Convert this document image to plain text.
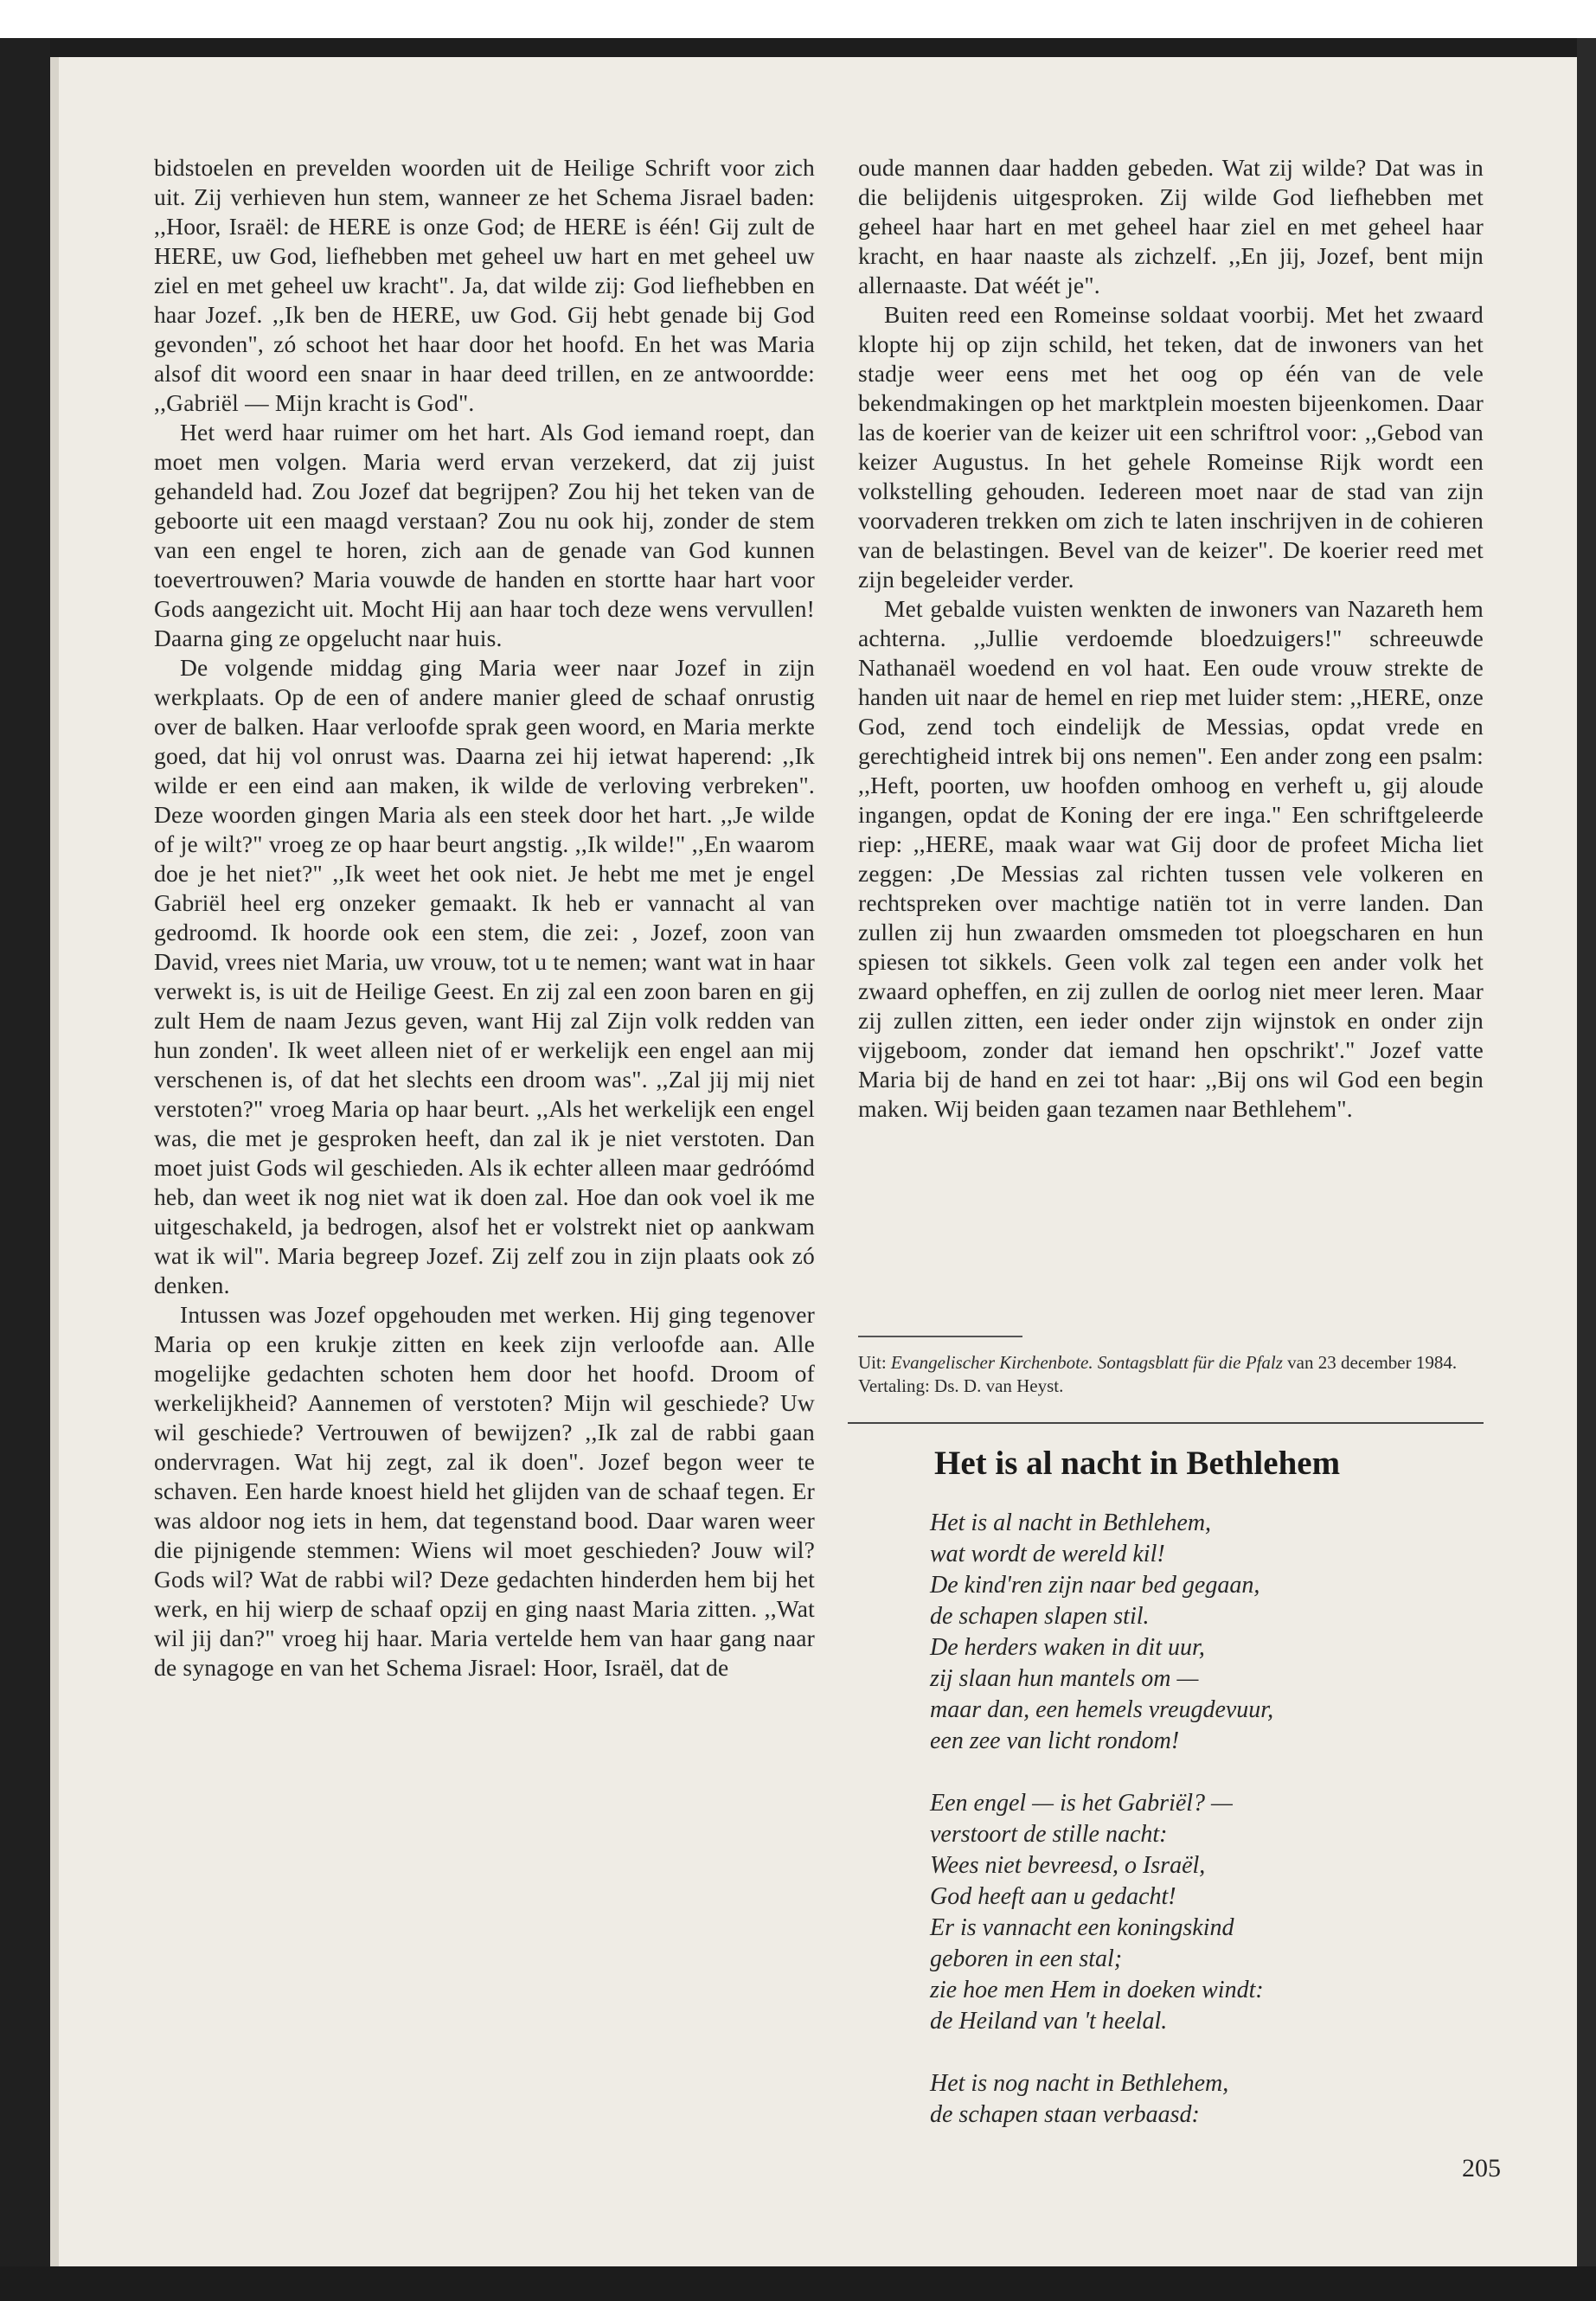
bidstoelen en prevelden woorden uit de Heilige Schrift voor zich uit. Zij verhieven hun stem, wanneer ze het Schema Jisrael baden: ,,Hoor, Israël: de HERE is onze God; de HERE is één! Gij zult de HERE, uw God, liefhebben met geheel uw hart en met geheel uw ziel en met geheel uw kracht". Ja, dat wilde zij: God liefhebben en haar Jozef. ,,Ik ben de HERE, uw God. Gij hebt genade bij God gevonden", zó schoot het haar door het hoofd. En het was Maria alsof dit woord een snaar in haar deed trillen, en ze antwoordde: ,,Gabriël — Mijn kracht is God".

Het werd haar ruimer om het hart. Als God iemand roept, dan moet men volgen. Maria werd ervan verzekerd, dat zij juist gehandeld had. Zou Jozef dat begrijpen? Zou hij het teken van de geboorte uit een maagd verstaan? Zou nu ook hij, zonder de stem van een engel te horen, zich aan de genade van God kunnen toevertrouwen? Maria vouwde de handen en stortte haar hart voor Gods aangezicht uit. Mocht Hij aan haar toch deze wens vervullen! Daarna ging ze opgelucht naar huis.

De volgende middag ging Maria weer naar Jozef in zijn werkplaats. Op de een of andere manier gleed de schaaf onrustig over de balken. Haar verloofde sprak geen woord, en Maria merkte goed, dat hij vol onrust was. Daarna zei hij ietwat haperend: ,,Ik wilde er een eind aan maken, ik wilde de verloving verbreken". Deze woorden gingen Maria als een steek door het hart. ,,Je wilde of je wilt?" vroeg ze op haar beurt angstig. ,,Ik wilde!" ,,En waarom doe je het niet?" ,,Ik weet het ook niet. Je hebt me met je engel Gabriël heel erg onzeker gemaakt. Ik heb er vannacht al van gedroomd. Ik hoorde ook een stem, die zei: , Jozef, zoon van David, vrees niet Maria, uw vrouw, tot u te nemen; want wat in haar verwekt is, is uit de Heilige Geest. En zij zal een zoon baren en gij zult Hem de naam Jezus geven, want Hij zal Zijn volk redden van hun zonden'. Ik weet alleen niet of er werkelijk een engel aan mij verschenen is, of dat het slechts een droom was". ,,Zal jij mij niet verstoten?" vroeg Maria op haar beurt. ,,Als het werkelijk een engel was, die met je gesproken heeft, dan zal ik je niet verstoten. Dan moet juist Gods wil geschieden. Als ik echter alleen maar gedróómd heb, dan weet ik nog niet wat ik doen zal. Hoe dan ook voel ik me uitgeschakeld, ja bedrogen, alsof het er volstrekt niet op aankwam wat ik wil". Maria begreep Jozef. Zij zelf zou in zijn plaats ook zó denken.

Intussen was Jozef opgehouden met werken. Hij ging tegenover Maria op een krukje zitten en keek zijn verloofde aan. Alle mogelijke gedachten schoten hem door het hoofd. Droom of werkelijkheid? Aannemen of verstoten? Mijn wil geschiede? Uw wil geschiede? Vertrouwen of bewijzen? ,,Ik zal de rabbi gaan ondervragen. Wat hij zegt, zal ik doen". Jozef begon weer te schaven. Een harde knoest hield het glijden van de schaaf tegen. Er was aldoor nog iets in hem, dat tegenstand bood. Daar waren weer die pijnigende stemmen: Wiens wil moet geschieden? Jouw wil? Gods wil? Wat de rabbi wil? Deze gedachten hinderden hem bij het werk, en hij wierp de schaaf opzij en ging naast Maria zitten. ,,Wat wil jij dan?" vroeg hij haar. Maria vertelde hem van haar gang naar de synagoge en van het Schema Jisrael: Hoor, Israël, dat de

oude mannen daar hadden gebeden. Wat zij wilde? Dat was in die belijdenis uitgesproken. Zij wilde God liefhebben met geheel haar hart en met geheel haar ziel en met geheel haar kracht, en haar naaste als zichzelf. ,,En jij, Jozef, bent mijn allernaaste. Dat wéét je".

Buiten reed een Romeinse soldaat voorbij. Met het zwaard klopte hij op zijn schild, het teken, dat de inwoners van het stadje weer eens met het oog op één van de vele bekendmakingen op het marktplein moesten bijeenkomen. Daar las de koerier van de keizer uit een schriftrol voor: ,,Gebod van keizer Augustus. In het gehele Romeinse Rijk wordt een volkstelling gehouden. Iedereen moet naar de stad van zijn voorvaderen trekken om zich te laten inschrijven in de cohieren van de belastingen. Bevel van de keizer". De koerier reed met zijn begeleider verder.

Met gebalde vuisten wenkten de inwoners van Nazareth hem achterna. ,,Jullie verdoemde bloedzuigers!" schreeuwde Nathanaël woedend en vol haat. Een oude vrouw strekte de handen uit naar de hemel en riep met luider stem: ,,HERE, onze God, zend toch eindelijk de Messias, opdat vrede en gerechtigheid intrek bij ons nemen". Een ander zong een psalm: ,,Heft, poorten, uw hoofden omhoog en verheft u, gij aloude ingangen, opdat de Koning der ere inga." Een schriftgeleerde riep: ,,HERE, maak waar wat Gij door de profeet Micha liet zeggen: ,De Messias zal richten tussen vele volkeren en rechtspreken over machtige natiën tot in verre landen. Dan zullen zij hun zwaarden omsmeden tot ploegscharen en hun spiesen tot sikkels. Geen volk zal tegen een ander volk het zwaard opheffen, en zij zullen de oorlog niet meer leren. Maar zij zullen zitten, een ieder onder zijn wijnstok en onder zijn vijgeboom, zonder dat iemand hen opschrikt'." Jozef vatte Maria bij de hand en zei tot haar: ,,Bij ons wil God een begin maken. Wij beiden gaan tezamen naar Bethlehem".

Uit: Evangelischer Kirchenbote. Sontagsblatt für die Pfalz van 23 december 1984. Vertaling: Ds. D. van Heyst.
Het is al nacht in Bethlehem
Het is al nacht in Bethlehem,
wat wordt de wereld kil!
De kind'ren zijn naar bed gegaan,
de schapen slapen stil.
De herders waken in dit uur,
zij slaan hun mantels om —
maar dan, een hemels vreugdevuur,
een zee van licht rondom!
Een engel — is het Gabriël? —
verstoort de stille nacht:
Wees niet bevreesd, o Israël,
God heeft aan u gedacht!
Er is vannacht een koningskind
geboren in een stal;
zie hoe men Hem in doeken windt:
de Heiland van 't heelal.
Het is nog nacht in Bethlehem,
de schapen staan verbaasd:
205
